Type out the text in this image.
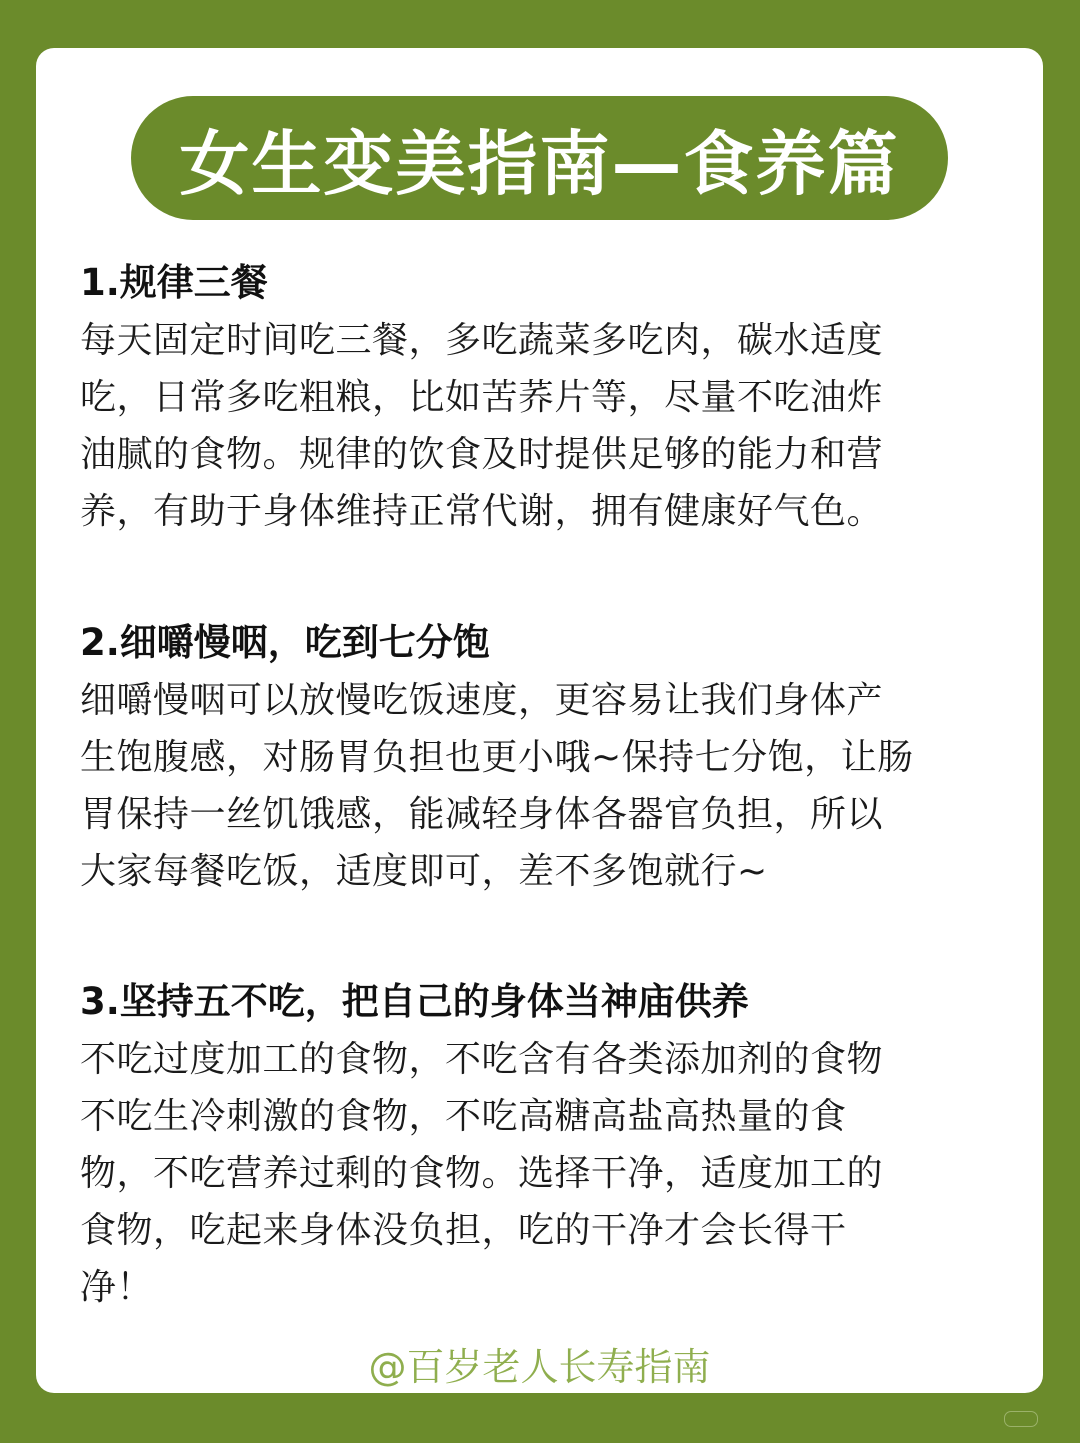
女生变美指南—食养篇
1.规律三餐
每天固定时间吃三餐，多吃蔬菜多吃肉，碳水适度
吃，日常多吃粗粮，比如苦荞片等，尽量不吃油炸
油腻的食物。规律的饮食及时提供足够的能力和营
养，有助于身体维持正常代谢，拥有健康好气色。
2.细嚼慢咽，吃到七分饱
细嚼慢咽可以放慢吃饭速度，更容易让我们身体产
生饱腹感，对肠胃负担也更小哦~保持七分饱，让肠
胃保持一丝饥饿感，能减轻身体各器官负担，所以
大家每餐吃饭，适度即可，差不多饱就行~
3.坚持五不吃，把自己的身体当神庙供养
不吃过度加工的食物，不吃含有各类添加剂的食物
不吃生冷刺激的食物，不吃高糖高盐高热量的食
物，不吃营养过剩的食物。选择干净，适度加工的
食物，吃起来身体没负担，吃的干净才会长得干
净！
@百岁老人长寿指南
